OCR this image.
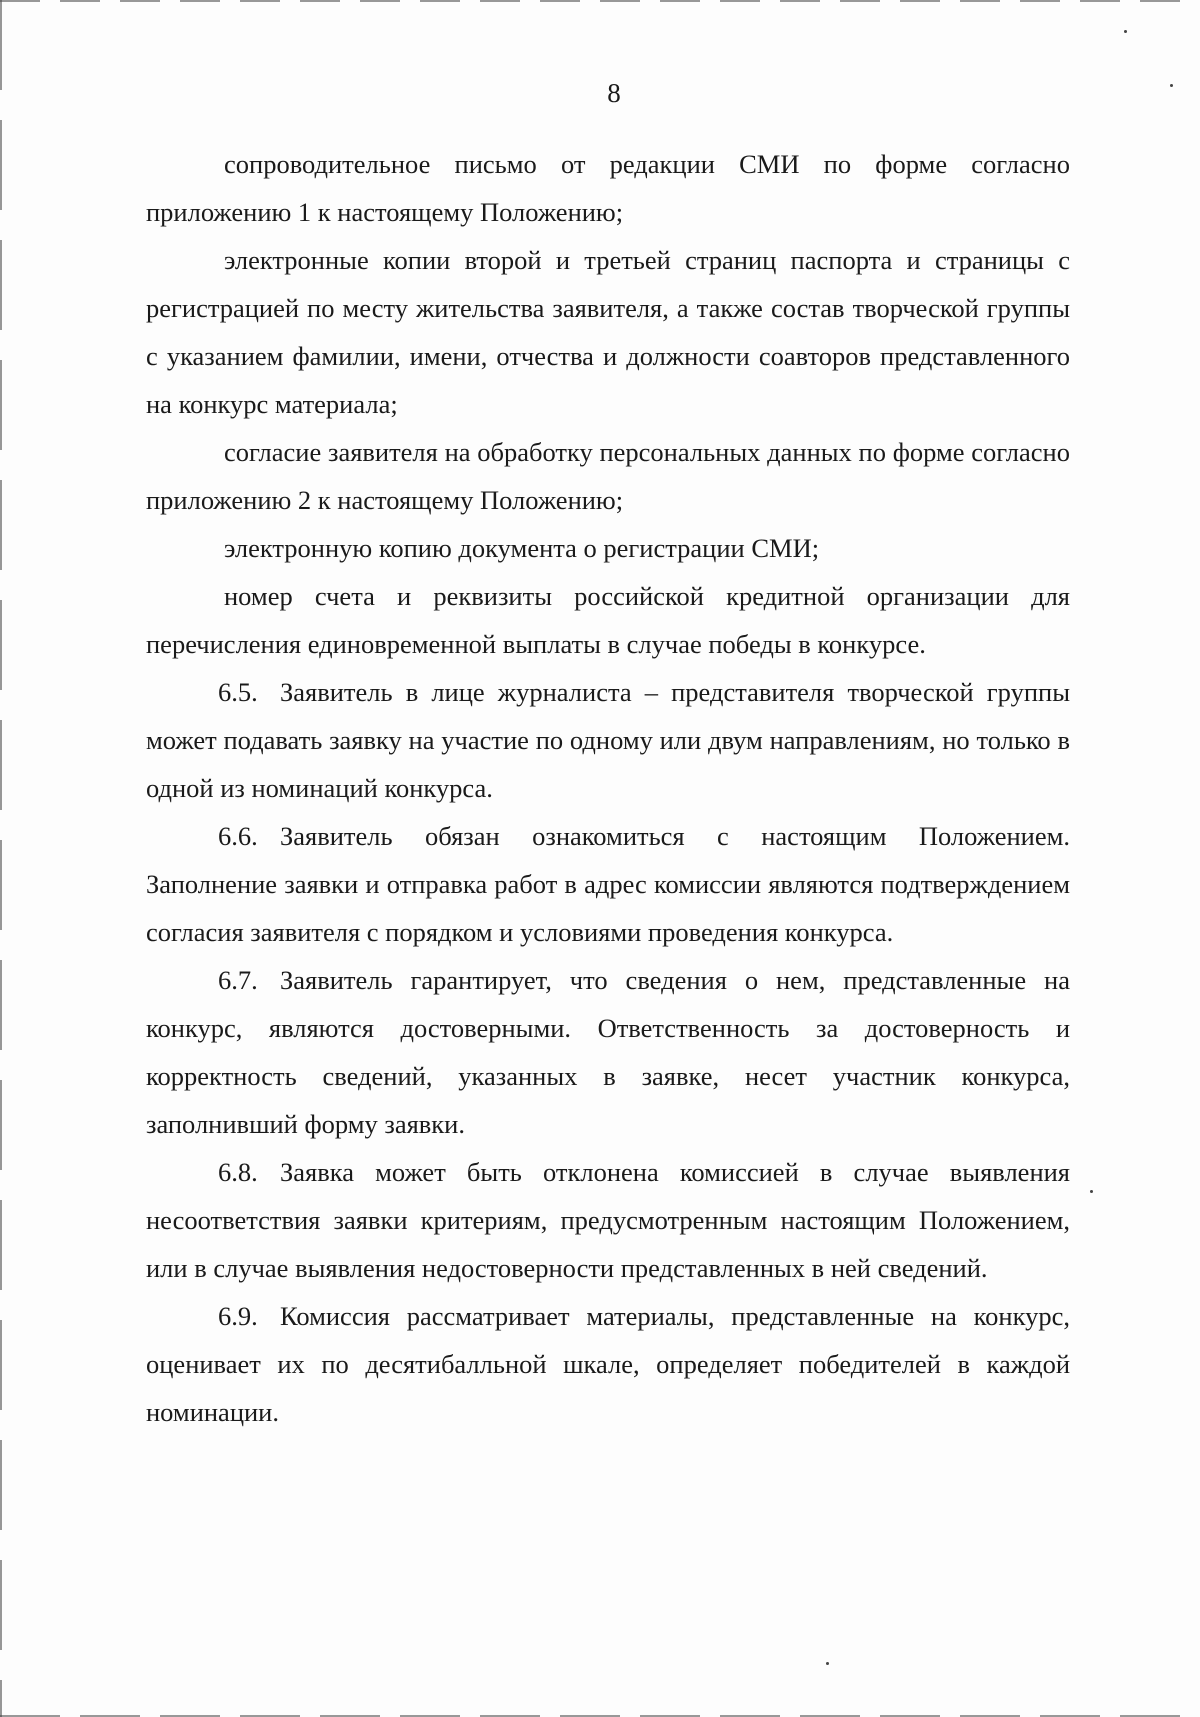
8

сопроводительное письмо от редакции СМИ по форме согласно приложению 1 к настоящему Положению;

электронные копии второй и третьей страниц паспорта и страницы с регистрацией по месту жительства заявителя, а также состав творческой группы с указанием фамилии, имени, отчества и должности соавторов представленного на конкурс материала;

согласие заявителя на обработку персональных данных по форме согласно приложению 2 к настоящему Положению;

электронную копию документа о регистрации СМИ;

номер счета и реквизиты российской кредитной организации для перечисления единовременной выплаты в случае победы в конкурсе.

6.5. Заявитель в лице журналиста – представителя творческой группы может подавать заявку на участие по одному или двум направлениям, но только в одной из номинаций конкурса.

6.6. Заявитель обязан ознакомиться с настоящим Положением. Заполнение заявки и отправка работ в адрес комиссии являются подтверждением согласия заявителя с порядком и условиями проведения конкурса.

6.7. Заявитель гарантирует, что сведения о нем, представленные на конкурс, являются достоверными. Ответственность за достоверность и корректность сведений, указанных в заявке, несет участник конкурса, заполнивший форму заявки.

6.8. Заявка может быть отклонена комиссией в случае выявления несоответствия заявки критериям, предусмотренным настоящим Положением, или в случае выявления недостоверности представленных в ней сведений.

6.9. Комиссия рассматривает материалы, представленные на конкурс, оценивает их по десятибалльной шкале, определяет победителей в каждой номинации.
